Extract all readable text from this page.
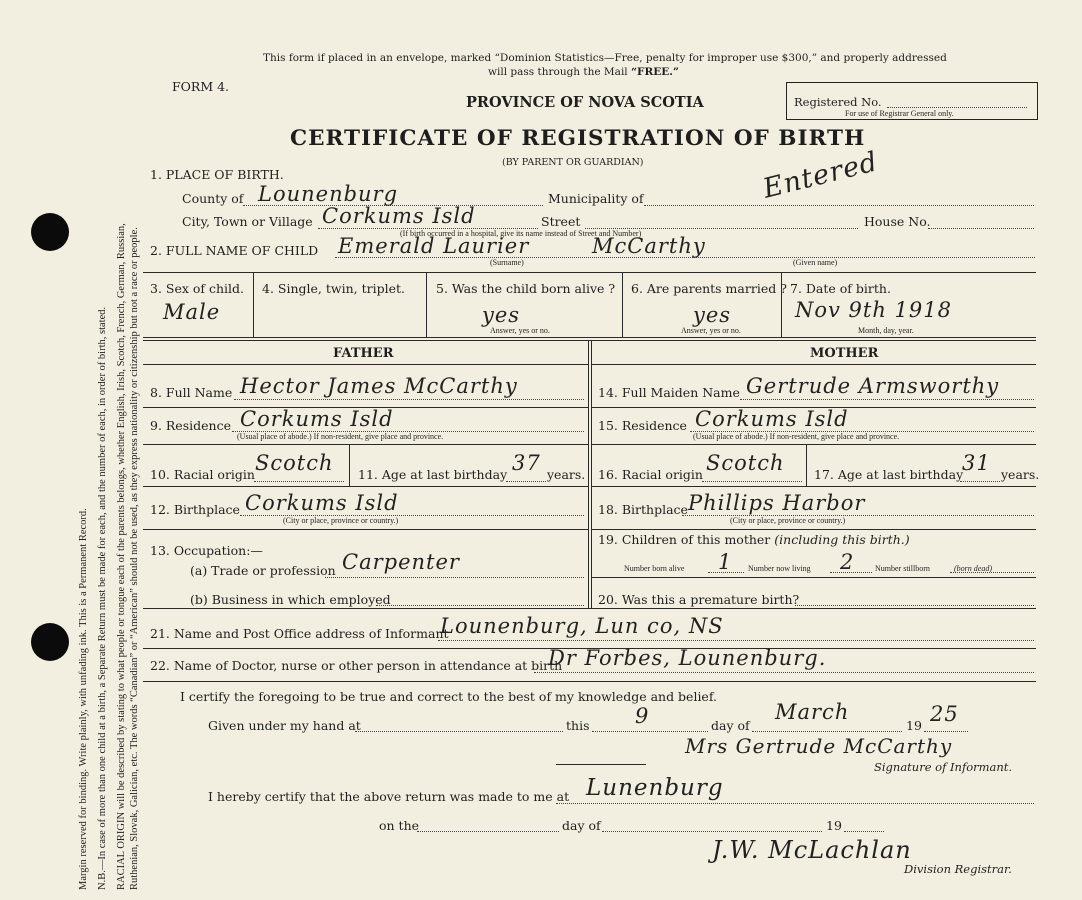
RACIAL ORIGIN will be described by stating to what people or tongue each of the parents belongs, whether English, Irish, Scotch, French, German, Russian, Ruthenian, Slovak, Galician, etc. The words “Canadian” or “American” should not be used, as they express nationality or citizenship but not a race or people.
N.B.—In case of more than one child at a birth, a Separate Return must be made for each, and the number of each, in order of birth, stated.
Margin reserved for binding. Write plainly, with unfading ink. This is a Permanent Record.
This form if placed in an envelope, marked “Dominion Statistics—Free, penalty for improper use $300,” and properly addressed
will pass through the Mail “FREE.”
FORM 4.
PROVINCE OF NOVA SCOTIA	Registered No.
For use of Registrar General only.
CERTIFICATE OF REGISTRATION OF BIRTH
(BY PARENT OR GUARDIAN)	Entered
1. PLACE OF BIRTH.
County of Lounenburg	Municipality of
City, Town or Village Corkums Isld	Street	House No.
(If birth occurred in a hospital, give its name instead of Street and Number)
2. FULL NAME OF CHILD Emerald Laurier	McCarthy
(Surname)	(Given name)
3. Sex of child.
Male
4. Single, twin, triplet. 5. Was the child born alive ?
yes
Answer, yes or no.
6. Are parents married ?
yes
Answer, yes or no.
7. Date of birth.
Nov 9th 1918
Month, day, year.
FATHER	MOTHER
8. Full Name Hector James McCarthy
9. Residence Corkums Isld
(Usual place of abode.) If non-resident, give place and province.
10. Racial origin Scotch 11. Age at last birthday 37 years.
12. Birthplace Corkums Isld
(City or place, province or country.)
13. Occupation:—
(a) Trade or profession Carpenter
(b) Business in which employed
14. Full Maiden Name Gertrude Armsworthy
15. Residence Corkums Isld
(Usual place of abode.) If non-resident, give place and province.
16. Racial origin Scotch 17. Age at last birthday
31 years.
18. Birthplace Phillips Harbor
(City or place, province or country.)
19. Children of this mother (including this birth.)
Number born alive 1 Number now living 2	Number stillborn	(born dead)
20. Was this a premature birth?
21. Name and Post Office address of Informant
Lounenburg, Lun co, NS
22. Name of Doctor, nurse or other person in attendance at birth
Dr Forbes, Lounenburg.
I certify the foregoing to be true and correct to the best of my knowledge and belief.
Given under my hand at	this 9	day of
March
19 25
Mrs Gertrude McCarthy
Signature of Informant.
I hereby certify that the above return was made to me at Lunenburg
on the	day of	19
J.W. McLachlan
Division Registrar.
